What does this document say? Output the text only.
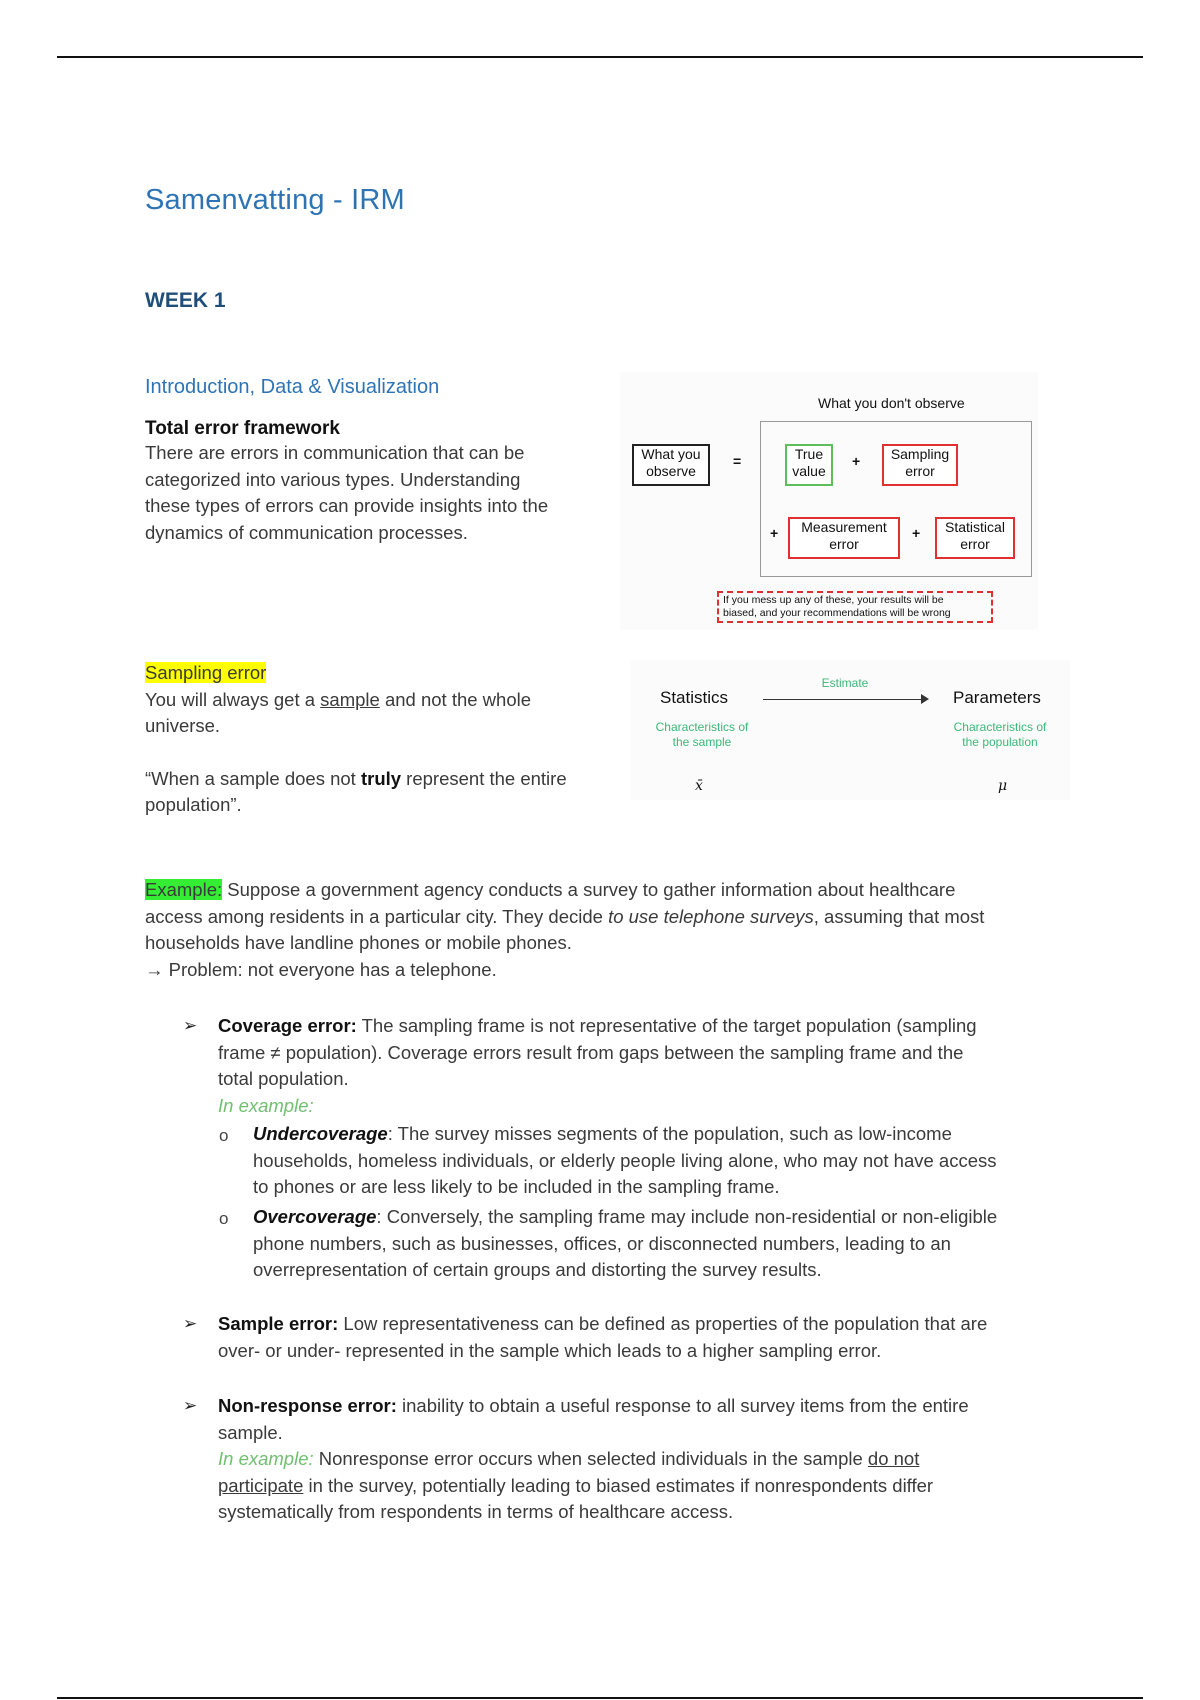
Samenvatting - IRM
WEEK 1
Introduction, Data & Visualization
Total error framework
There are errors in communication that can be
categorized into various types. Understanding
these types of errors can provide insights into the
dynamics of communication processes.
What you don't observe
What you
observe
=	True
value
+	Sampling
error
+	Measurement
error
+	Statistical
error
If you mess up any of these, your results will be
biased, and your recommendations will be wrong
Sampling error
You will always get a sample and not the whole
universe.
“When a sample does not truly represent the entire
population”.
Statistics
Estimate
Parameters
Characteristics of
the sample
Characteristics of
the population
x̄	μ
Example: Suppose a government agency conducts a survey to gather information about healthcare
access among residents in a particular city. They decide to use telephone surveys, assuming that most
households have landline phones or mobile phones.
→ Problem: not everyone has a telephone.
➢ Coverage error: The sampling frame is not representative of the target population (sampling
frame ≠ population). Coverage errors result from gaps between the sampling frame and the
total population.
In example:
o Undercoverage: The survey misses segments of the population, such as low-income
households, homeless individuals, or elderly people living alone, who may not have access
to phones or are less likely to be included in the sampling frame.
o Overcoverage: Conversely, the sampling frame may include non-residential or non-eligible
phone numbers, such as businesses, offices, or disconnected numbers, leading to an
overrepresentation of certain groups and distorting the survey results.
➢ Sample error: Low representativeness can be defined as properties of the population that are
over- or under- represented in the sample which leads to a higher sampling error.
➢ Non-response error: inability to obtain a useful response to all survey items from the entire
sample.
In example: Nonresponse error occurs when selected individuals in the sample do not
participate in the survey, potentially leading to biased estimates if nonrespondents differ
systematically from respondents in terms of healthcare access.
